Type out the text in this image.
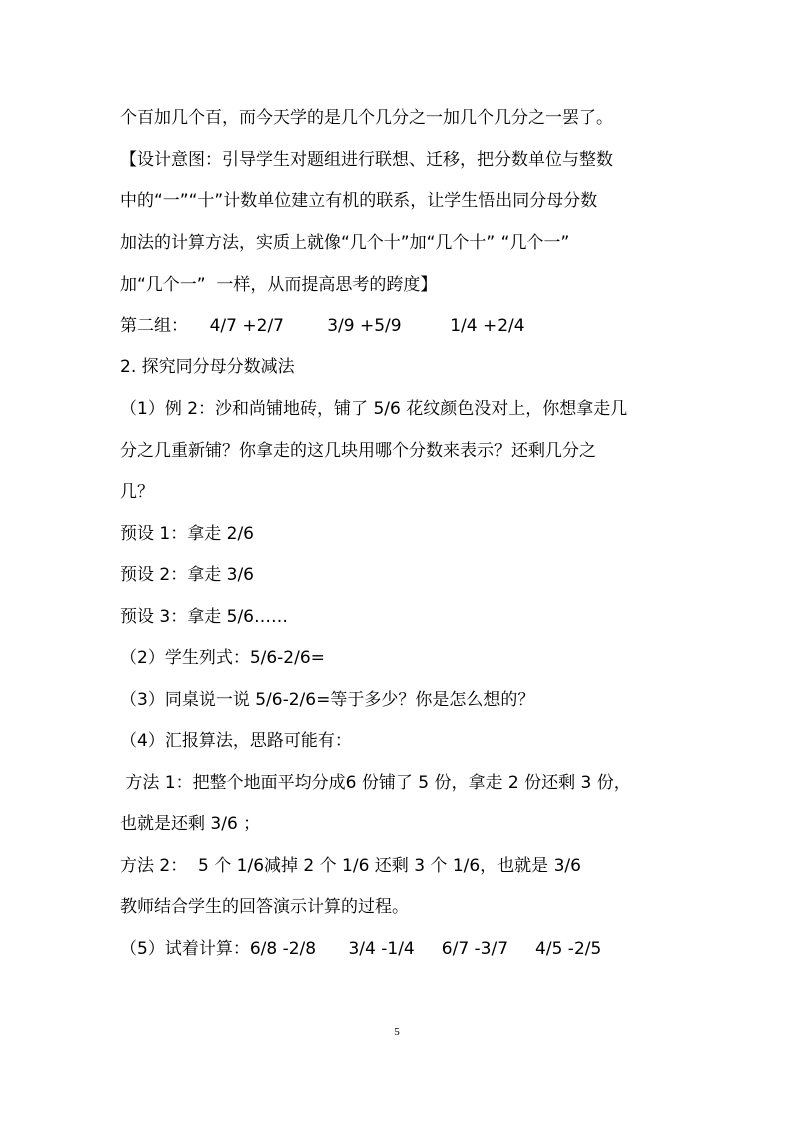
个百加几个百，而今天学的是几个几分之一加几个几分之一罢了。
【设计意图：引导学生对题组进行联想、迁移，把分数单位与整数
中的“一”“十”计数单位建立有机的联系，让学生悟出同分母分数
加法的计算方法，实质上就像“几个十”加“几个十” “几个一”
加“几个一”  一样，从而提高思考的跨度】
第二组：    4/7 +2/7        3/9 +5/9         1/4 +2/4
2. 探究同分母分数减法
（1）例 2：沙和尚铺地砖，铺了 5/6 花纹颜色没对上，你想拿走几
分之几重新铺？你拿走的这几块用哪个分数来表示？还剩几分之
几？
预设 1：拿走 2/6
预设 2：拿走 3/6
预设 3：拿走 5/6……
（2）学生列式：5/6-2/6=
（3）同桌说一说 5/6-2/6=等于多少？你是怎么想的？
（4）汇报算法，思路可能有：
方法 1：把整个地面平均分成6 份铺了 5 份，拿走 2 份还剩 3 份，
也就是还剩 3/6 ；
方法 2：  5 个 1/6减掉 2 个 1/6 还剩 3 个 1/6，也就是 3/6
教师结合学生的回答演示计算的过程。
（5）试着计算：6/8 -2/8      3/4 -1/4     6/7 -3/7     4/5 -2/5
5
